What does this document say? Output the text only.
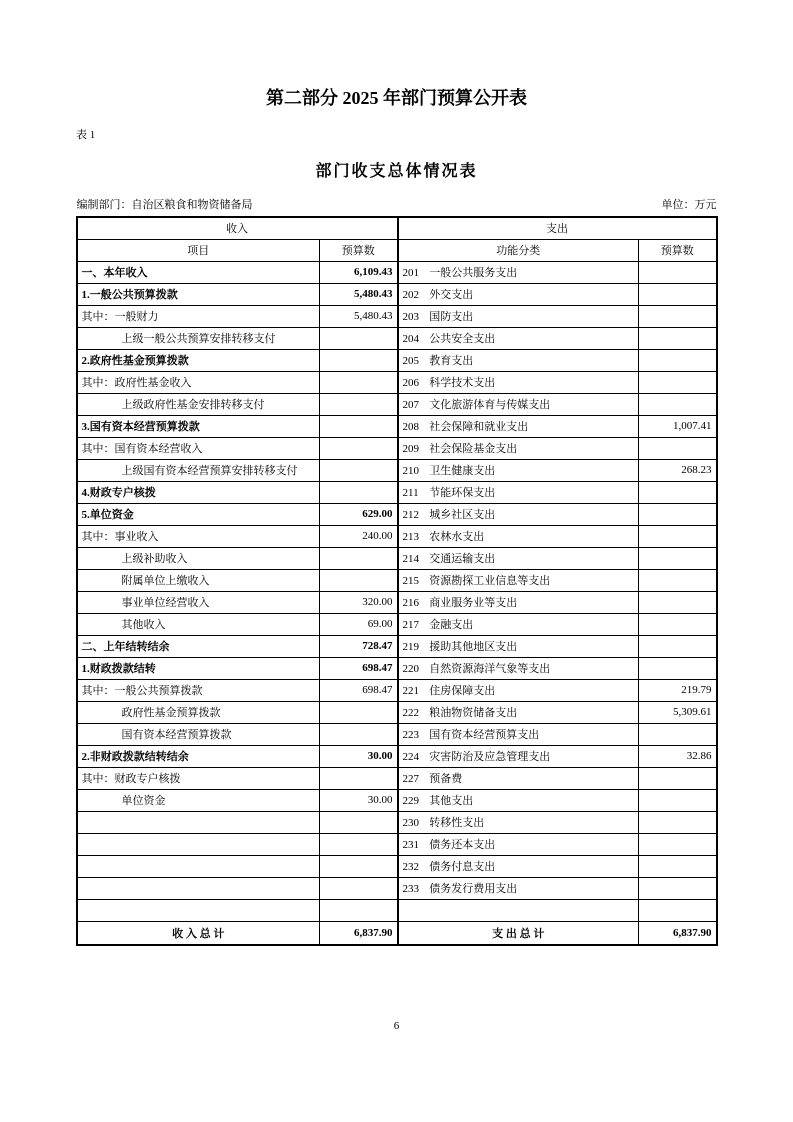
第二部分 2025 年部门预算公开表
表 1
部门收支总体情况表
编制部门：自治区粮食和物资储备局	单位：万元
收入		支出	
项目	预算数	功能分类	预算数
一、本年收入	6,109.43	201 一般公共服务支出	
1.一般公共预算拨款	5,480.43	202 外交支出	
其中：一般财力	5,480.43	203 国防支出	
上级一般公共预算安排转移支付		204 公共安全支出	
2.政府性基金预算拨款		205 教育支出	
其中：政府性基金收入		206 科学技术支出	
上级政府性基金安排转移支付		207 文化旅游体育与传媒支出	
3.国有资本经营预算拨款		208 社会保障和就业支出	1,007.41
其中：国有资本经营收入		209 社会保险基金支出	
上级国有资本经营预算安排转移支付		210 卫生健康支出	268.23
4.财政专户核拨		211 节能环保支出	
5.单位资金	629.00	212 城乡社区支出	
其中：事业收入	240.00	213 农林水支出	
上级补助收入		214 交通运输支出	
附属单位上缴收入		215 资源勘探工业信息等支出	
事业单位经营收入	320.00	216 商业服务业等支出	
其他收入	69.00	217 金融支出	
二、上年结转结余	728.47	219 援助其他地区支出	
1.财政拨款结转	698.47	220 自然资源海洋气象等支出	
其中：一般公共预算拨款	698.47	221 住房保障支出	219.79
政府性基金预算拨款		222 粮油物资储备支出	5,309.61
国有资本经营预算拨款		223 国有资本经营预算支出	
2.非财政拨款结转结余	30.00	224 灾害防治及应急管理支出	32.86
其中：财政专户核拨		227 预备费	
单位资金	30.00	229 其他支出	
		230 转移性支出	
		231 债务还本支出	
		232 债务付息支出	
		233 债务发行费用支出	

收 入 总 计	6,837.90	支 出 总 计	6,837.90
6
